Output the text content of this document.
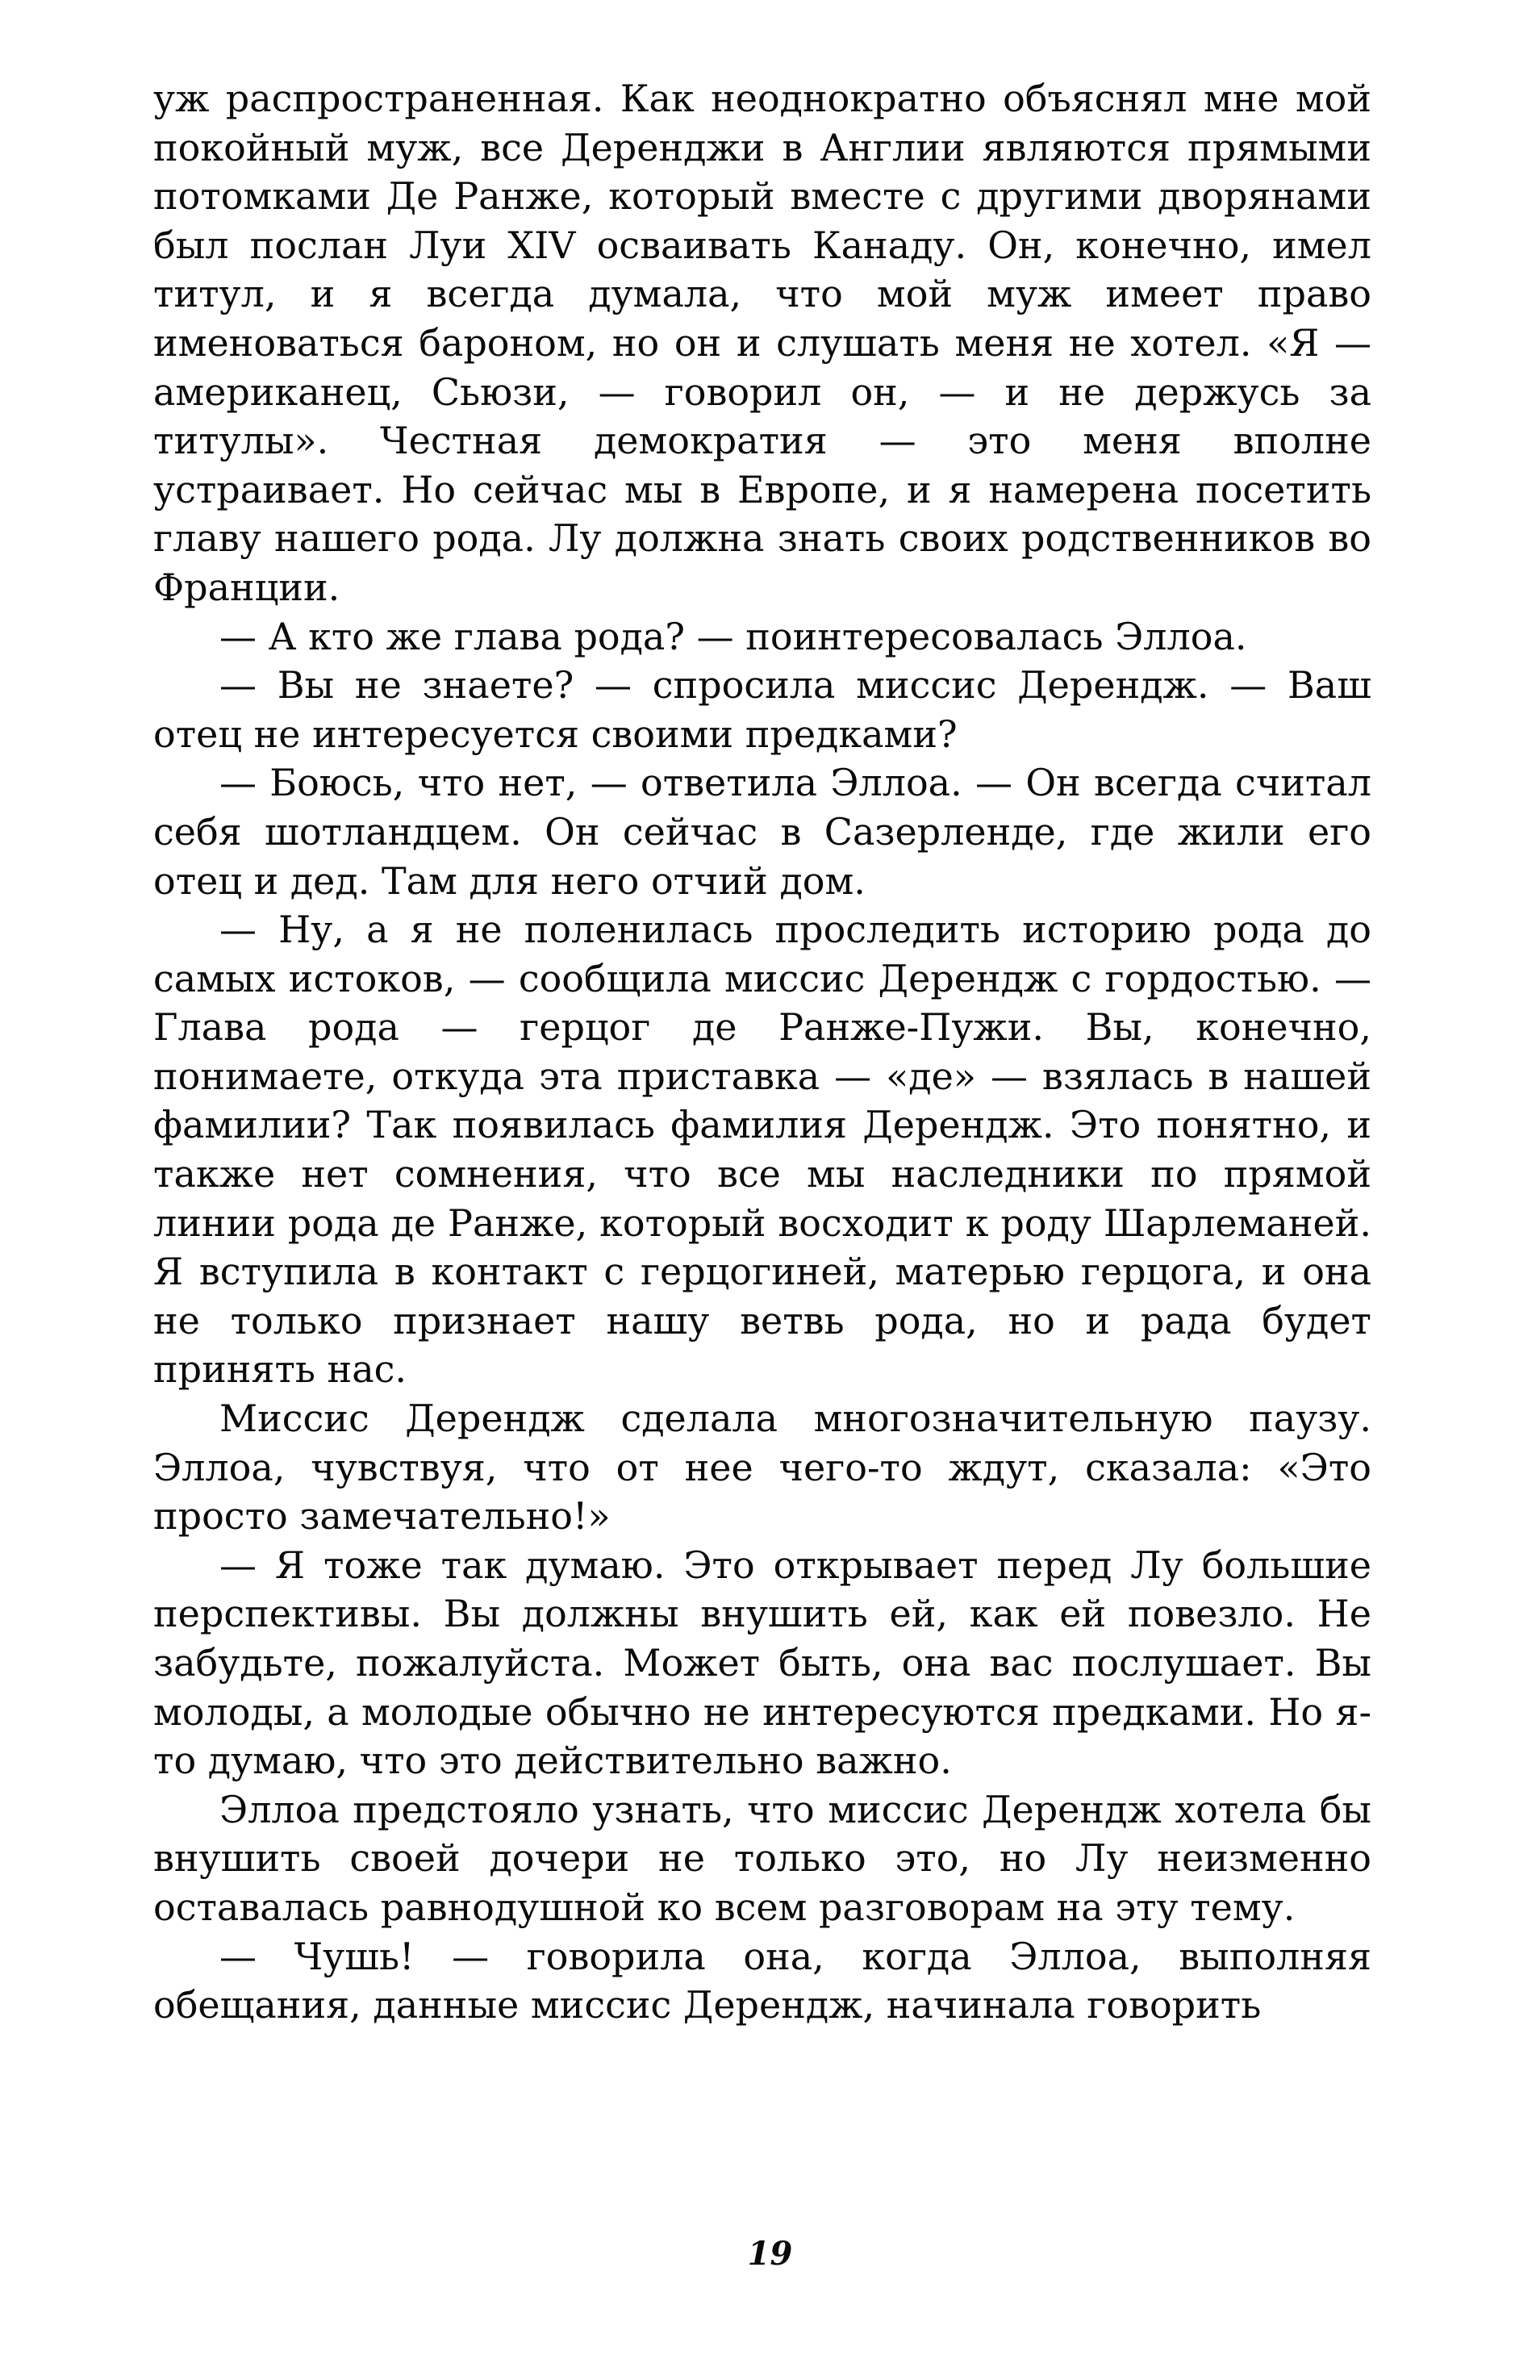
уж распространенная. Как неоднократно объяснял мне мой покойный муж, все Деренджи в Англии являются прямыми потомками Де Ранже, который вместе с другими дворянами был послан Луи XIV осваивать Канаду. Он, конечно, имел титул, и я всегда думала, что мой муж имеет право именоваться бароном, но он и слушать меня не хотел. «Я — американец, Сьюзи, — говорил он, — и не держусь за титулы». Честная демократия — это меня вполне устраивает. Но сейчас мы в Европе, и я намерена посетить главу нашего рода. Лу должна знать своих родственников во Франции.

— А кто же глава рода? — поинтересовалась Эллоа.

— Вы не знаете? — спросила миссис Дерендж. — Ваш отец не интересуется своими предками?

— Боюсь, что нет, — ответила Эллоа. — Он всегда считал себя шотландцем. Он сейчас в Сазерленде, где жили его отец и дед. Там для него отчий дом.

— Ну, а я не поленилась проследить историю рода до самых истоков, — сообщила миссис Дерендж с гордостью. — Глава рода — герцог де Ранже-Пужи. Вы, конечно, понимаете, откуда эта приставка — «де» — взялась в нашей фамилии? Так появилась фамилия Дерендж. Это понятно, и также нет сомнения, что все мы наследники по прямой линии рода де Ранже, который восходит к роду Шарлеманей. Я вступила в контакт с герцогиней, матерью герцога, и она не только признает нашу ветвь рода, но и рада будет принять нас.

Миссис Дерендж сделала многозначительную паузу. Эллоа, чувствуя, что от нее чего-то ждут, сказала: «Это просто замечательно!»

— Я тоже так думаю. Это открывает перед Лу большие перспективы. Вы должны внушить ей, как ей повезло. Не забудьте, пожалуйста. Может быть, она вас послушает. Вы молоды, а молодые обычно не интересуются предками. Но я-то думаю, что это действительно важно.

Эллоа предстояло узнать, что миссис Дерендж хотела бы внушить своей дочери не только это, но Лу неизменно оставалась равнодушной ко всем разговорам на эту тему.

— Чушь! — говорила она, когда Эллоа, выполняя обещания, данные миссис Дерендж, начинала говорить

19
